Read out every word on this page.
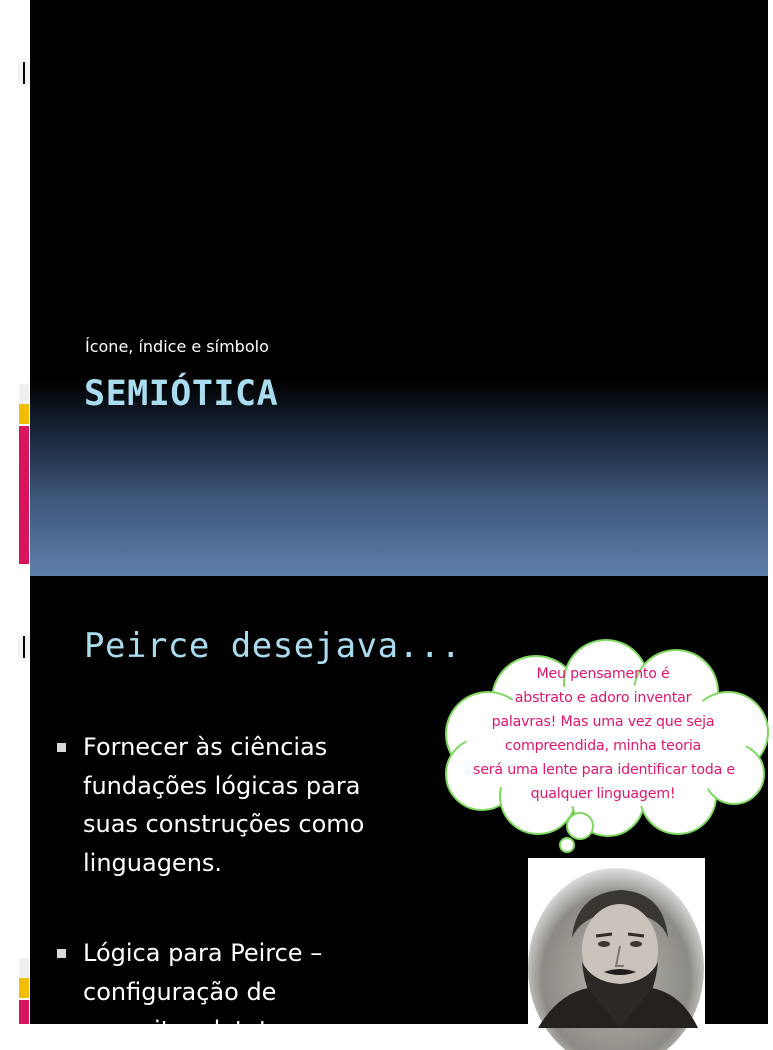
Ícone, índice e símbolo
SEMIÓTICA
Peirce desejava...
Fornecer às ciências fundações lógicas para suas construções como linguagens.
Lógica para Peirce – configuração de conceitos dotatos
Meu pensamento é
abstrato e adoro inventar
palavras! Mas uma vez que seja
compreendida, minha teoria
será uma lente para identificar toda e
qualquer linguagem!
